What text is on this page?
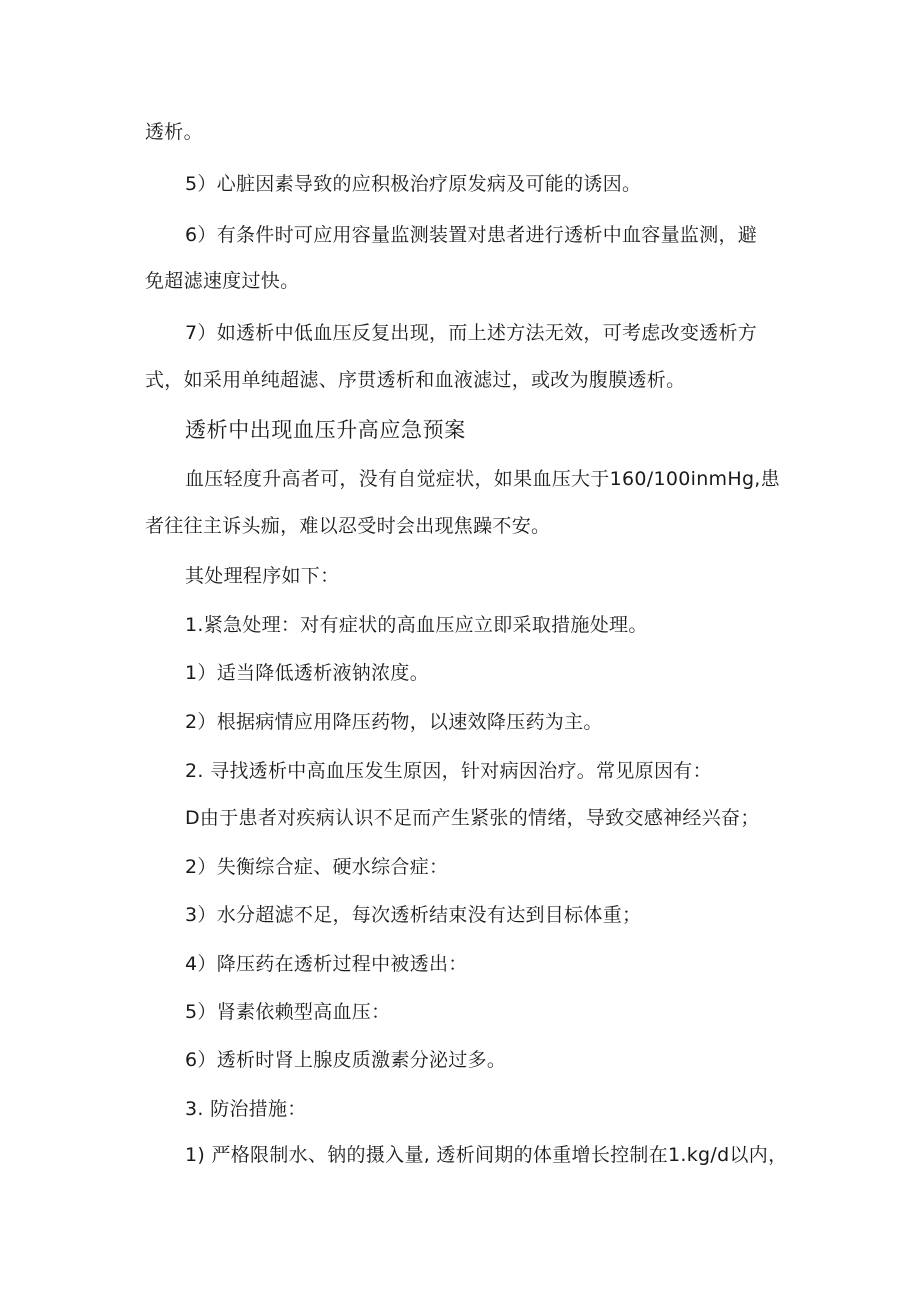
透析。
5）心脏因素导致的应积极治疗原发病及可能的诱因。
6）有条件时可应用容量监测装置对患者进行透析中血容量监测，避
免超滤速度过快。
7）如透析中低血压反复出现，而上述方法无效，可考虑改变透析方
式，如采用单纯超滤、序贯透析和血液滤过，或改为腹膜透析。
透析中出现血压升高应急预案
血压轻度升高者可，没有自觉症状，如果血压大于160/100inmHg,患
者往往主诉头痂，难以忍受时会出现焦躁不安。
其处理程序如下：
1.紧急处理：对有症状的高血压应立即采取措施处理。
1）适当降低透析液钠浓度。
2）根据病情应用降压药物，以速效降压药为主。
2. 寻找透析中高血压发生原因，针对病因治疗。常见原因有：
D由于患者对疾病认识不足而产生紧张的情绪，导致交感神经兴奋；
2）失衡综合症、硬水综合症：
3）水分超滤不足，每次透析结束没有达到目标体重；
4）降压药在透析过程中被透出：
5）肾素依赖型高血压：
6）透析时肾上腺皮质激素分泌过多。
3. 防治措施：
1) 严格限制水、钠的摄入量, 透析间期的体重增长控制在1.kg∕d以内，
